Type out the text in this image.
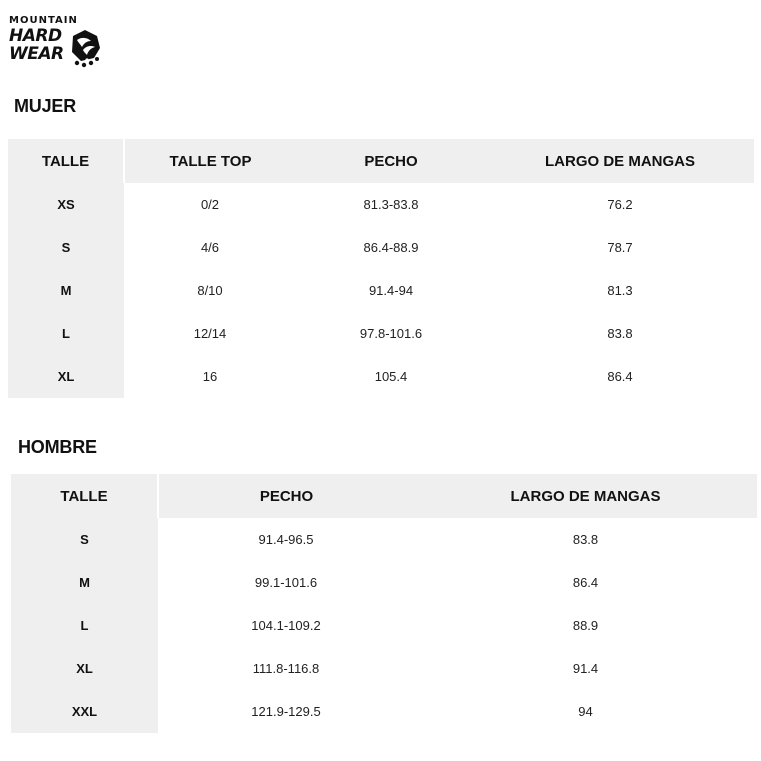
MOUNTAIN
HARD
WEAR
MUJER
TALLE	TALLE TOP	PECHO	LARGO DE MANGAS
XS	0/2	81.3-83.8	76.2
S	4/6	86.4-88.9	78.7
M	8/10	91.4-94	81.3
L	12/14	97.8-101.6	83.8
XL	16	105.4	86.4
HOMBRE
TALLE	PECHO	LARGO DE MANGAS
S	91.4-96.5	83.8
M	99.1-101.6	86.4
L	104.1-109.2	88.9
XL	111.8-116.8	91.4
XXL	121.9-129.5	94
